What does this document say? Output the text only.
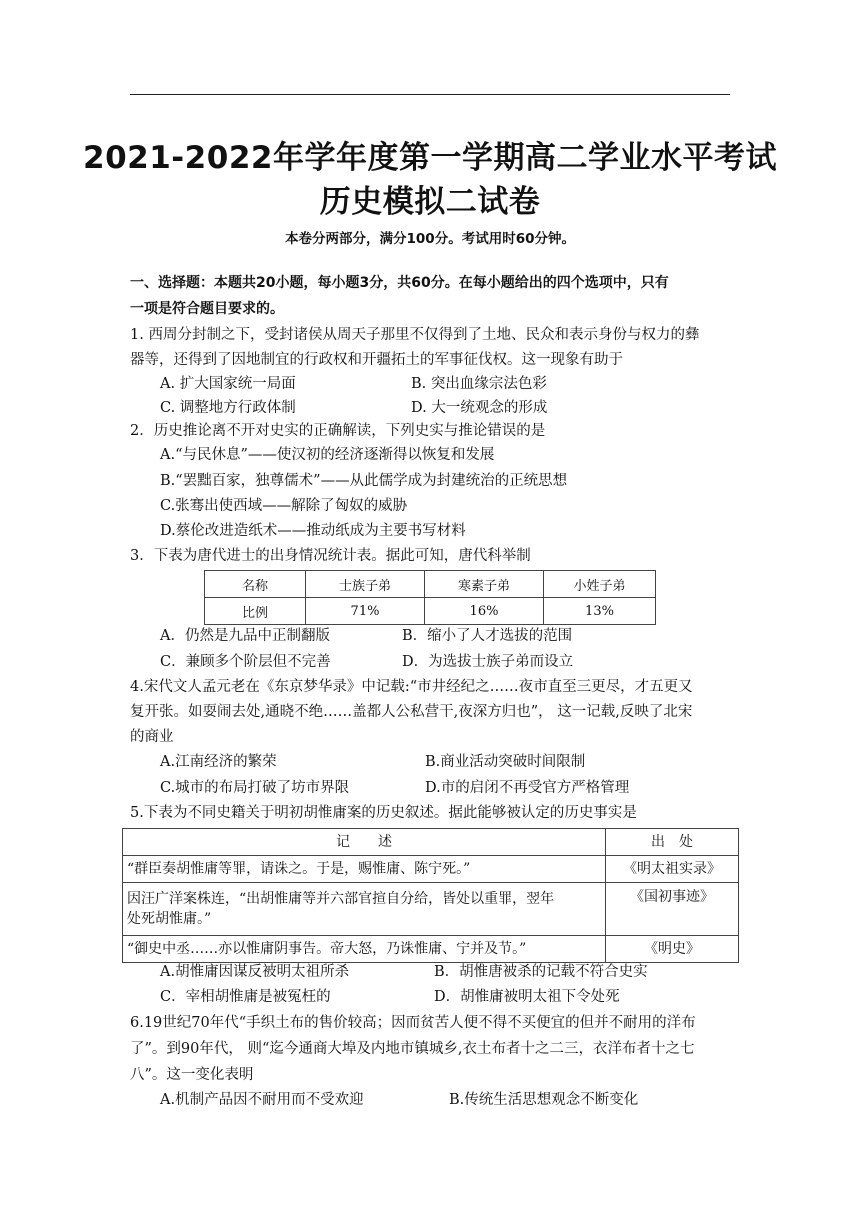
2021-2022年学年度第一学期高二学业水平考试
历史模拟二试卷
本卷分两部分，满分100分。考试用时60分钟。
一、选择题：本题共20小题，每小题3分，共60分。在每小题给出的四个选项中，只有
一项是符合题目要求的。
1. 西周分封制之下，受封诸侯从周天子那里不仅得到了土地、民众和表示身份与权力的彝
器等，还得到了因地制宜的行政权和开疆拓土的军事征伐权。这一现象有助于
A. 扩大国家统一局面	B. 突出血缘宗法色彩
C. 调整地方行政体制	D. 大一统观念的形成
2．历史推论离不开对史实的正确解读，下列史实与推论错误的是
A.“与民休息”——使汉初的经济逐渐得以恢复和发展
B.“罢黜百家，独尊儒术”——从此儒学成为封建统治的正统思想
C.张骞出使西域——解除了匈奴的威胁
D.蔡伦改进造纸术——推动纸成为主要书写材料
3．下表为唐代进士的出身情况统计表。据此可知，唐代科举制
名称	士族子弟	寒素子弟	小姓子弟
比例	71%	16%	13%
A．仍然是九品中正制翻版	B．缩小了人才选拔的范围
C．兼顾多个阶层但不完善	D．为选拔士族子弟而设立
4.宋代文人孟元老在《东京梦华录》中记载:“市井经纪之……夜市直至三更尽，才五更又
复开张。如耍闹去处,通晓不绝……盖都人公私营干,夜深方归也”， 这一记载,反映了北宋
的商业
A.江南经济的繁荣	B.商业活动突破时间限制
C.城市的布局打破了坊市界限	D.市的启闭不再受官方严格管理
5.下表为不同史籍关于明初胡惟庸案的历史叙述。据此能够被认定的历史事实是
记　　述	出　处
“群臣奏胡惟庸等罪，请诛之。于是，赐惟庸、陈宁死。”	《明太祖实录》

因汪广洋案株连，“出胡惟庸等并六部官揎自分给，皆处以重罪，翌年
处死胡惟庸。”	《国初事迹》
“御史中丞……亦以惟庸阴事告。帝大怒，乃诛惟庸、宁并及节。”	《明史》
A.胡惟庸因谋反被明太祖所杀	B．胡惟唐被杀的记载不符合史实
C．宰相胡惟庸是被冤枉的	D．胡惟庸被明太祖下令处死
6.19世纪70年代“手织土布的售价较高；因而贫苦人便不得不买便宜的但并不耐用的洋布
了”。到90年代， 则“迄今通商大埠及内地市镇城乡,衣土布者十之二三，衣洋布者十之七
八”。这一变化表明
A.机制产品因不耐用而不受欢迎	B.传统生活思想观念不断变化
